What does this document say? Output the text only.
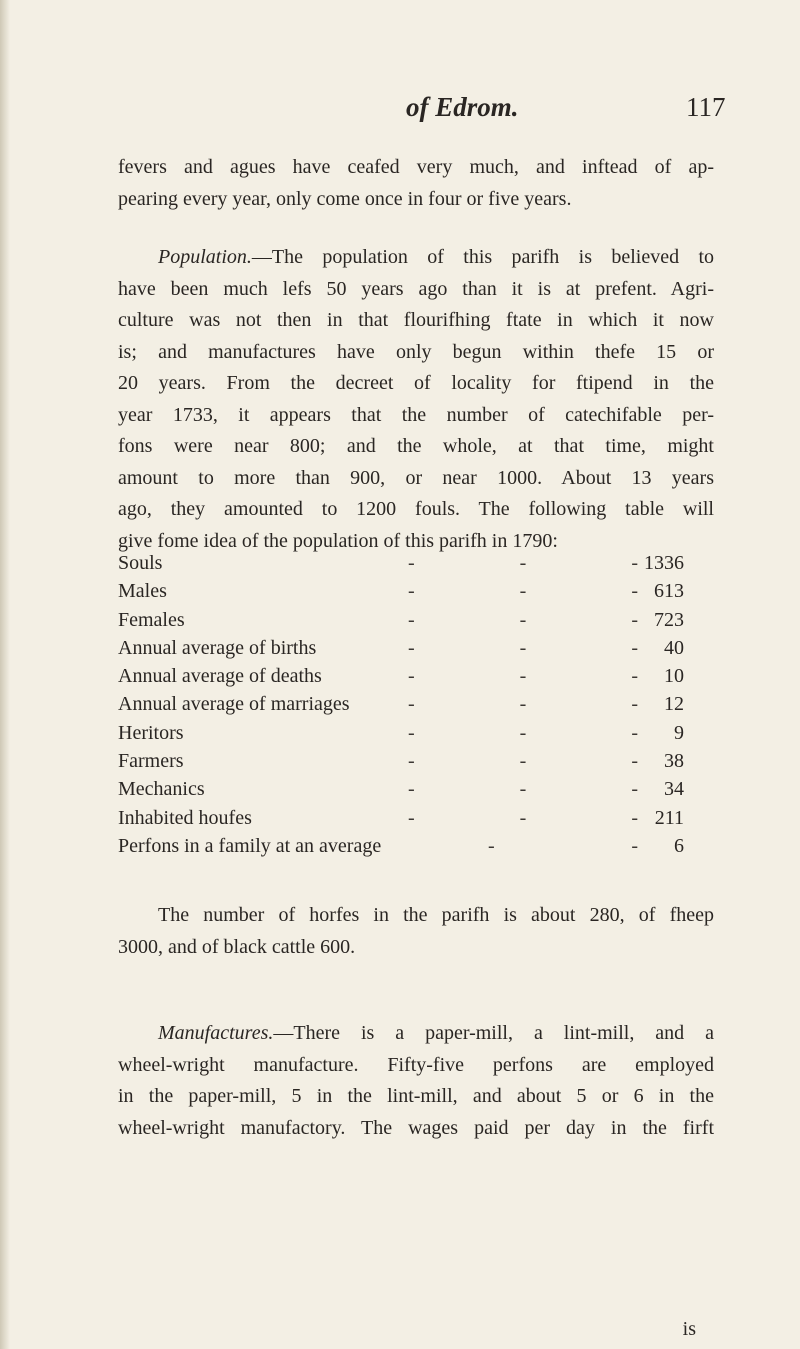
of Edrom.	117
fevers and agues have ceafed very much, and inftead of ap-
pearing every year, only come once in four or five years.
Population.—The population of this parifh is believed to
have been much lefs 50 years ago than it is at prefent. Agri-
culture was not then in that flourifhing ftate in which it now
is; and manufactures have only begun within thefe 15 or
20 years. From the decreet of locality for ftipend in the
year 1733, it appears that the number of catechifable per-
fons were near 800; and the whole, at that time, might
amount to more than 900, or near 1000. About 13 years
ago, they amounted to 1200 fouls. The following table will
give fome idea of the population of this parifh in 1790:
Souls	-	-	- 1336
Males	-	-	- 613
Females	-	-	- 723
Annual average of births	-	-	- 40
Annual average of deaths	-	-	- 10
Annual average of marriages	-	-	- 12
Heritors	-	-	- 9
Farmers	-	-	- 38
Mechanics	-	-	- 34
Inhabited houfes	-	-	- 211
Perfons in a family at an average	-	- 6
The number of horfes in the parifh is about 280, of fheep
3000, and of black cattle 600.
Manufactures.—There is a paper-mill, a lint-mill, and a
wheel-wright manufacture. Fifty-five perfons are employed
in the paper-mill, 5 in the lint-mill, and about 5 or 6 in the
wheel-wright manufactory. The wages paid per day in the firft
is
